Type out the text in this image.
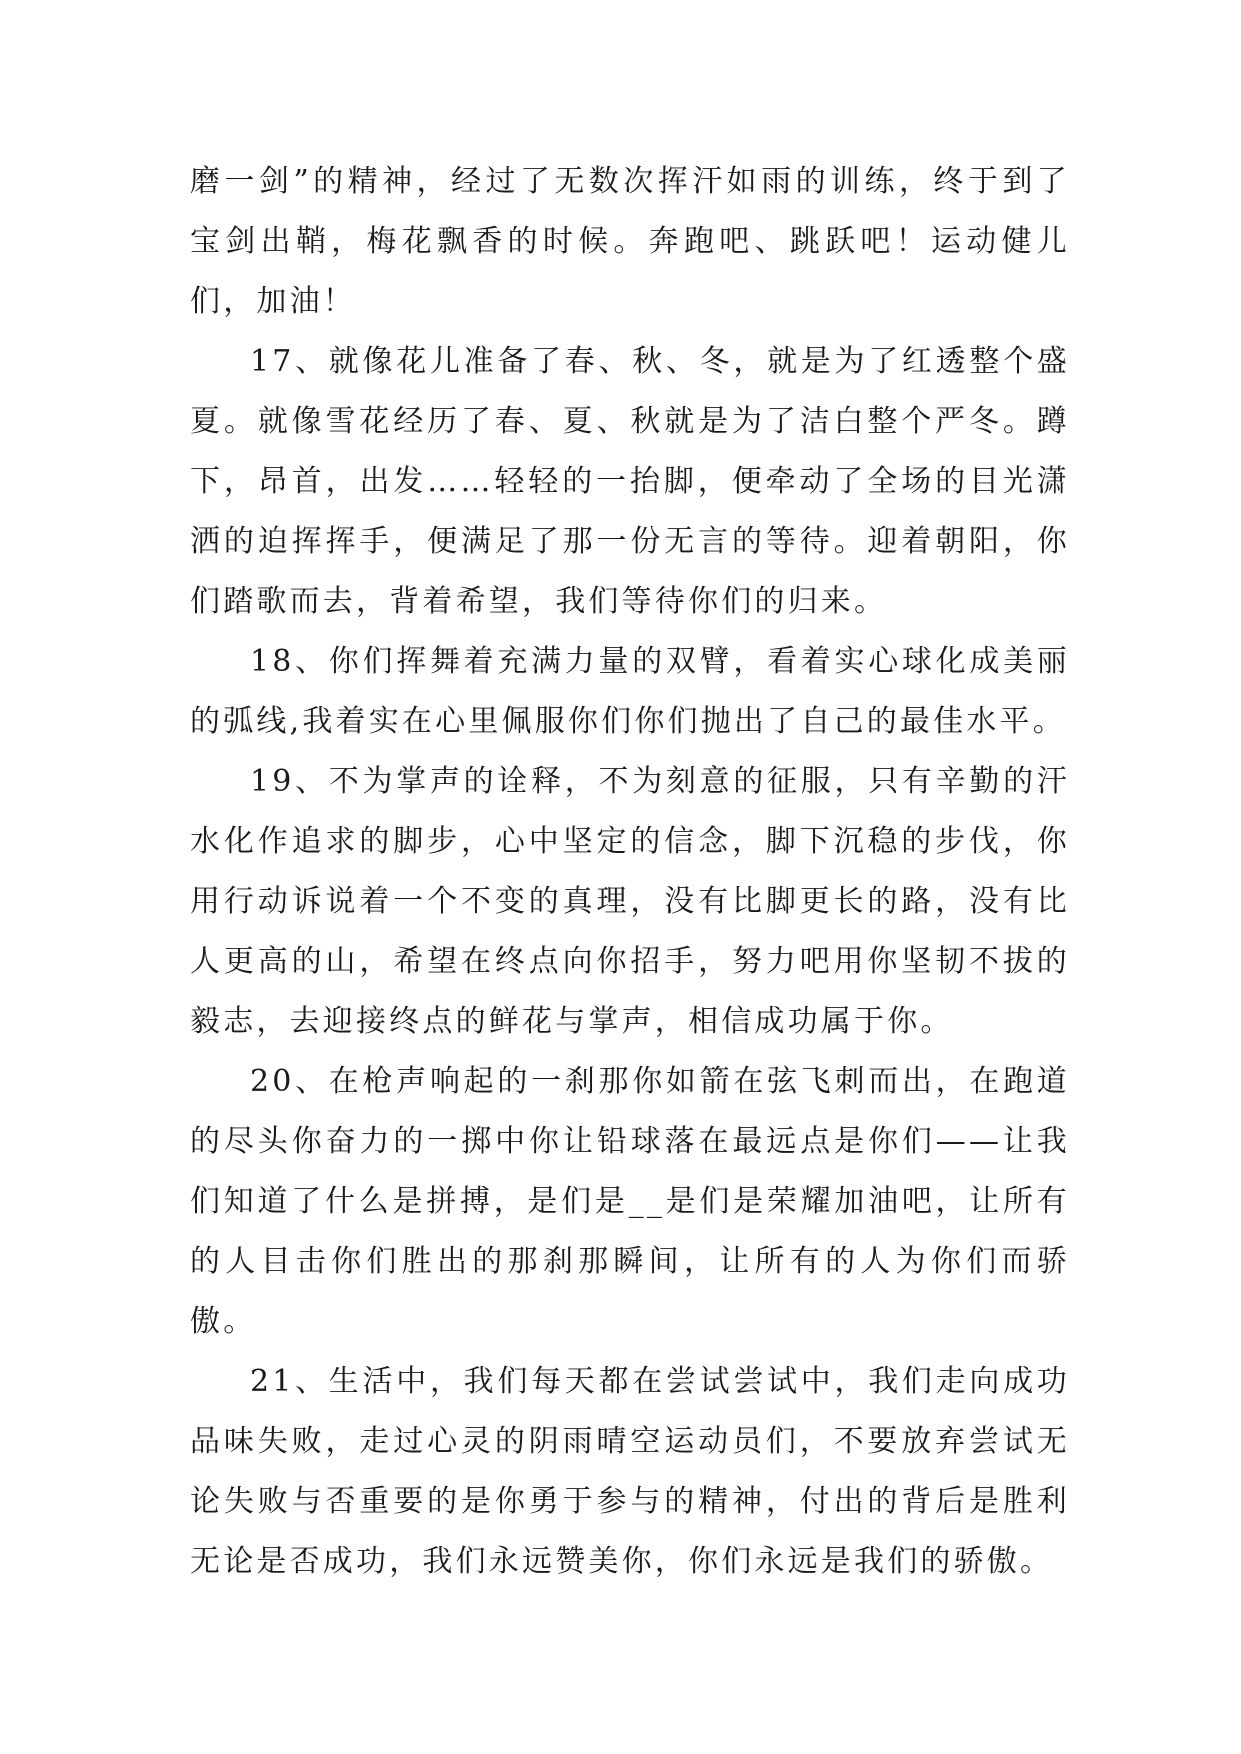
磨一剑”的精神，经过了无数次挥汗如雨的训练，终于到了宝剑出鞘，梅花飘香的时候。奔跑吧、跳跃吧！运动健儿们，加油！

17、就像花儿准备了春、秋、冬，就是为了红透整个盛夏。就像雪花经历了春、夏、秋就是为了洁白整个严冬。蹲下，昂首，出发……轻轻的一抬脚，便牵动了全场的目光潇洒的迫挥挥手，便满足了那一份无言的等待。迎着朝阳，你们踏歌而去，背着希望，我们等待你们的归来。

18、你们挥舞着充满力量的双臂，看着实心球化成美丽的弧线,我着实在心里佩服你们你们抛出了自己的最佳水平。

19、不为掌声的诠释，不为刻意的征服，只有辛勤的汗水化作追求的脚步，心中坚定的信念，脚下沉稳的步伐，你用行动诉说着一个不变的真理，没有比脚更长的路，没有比人更高的山，希望在终点向你招手，努力吧用你坚韧不拔的毅志，去迎接终点的鲜花与掌声，相信成功属于你。

20、在枪声响起的一刹那你如箭在弦飞刺而出，在跑道的尽头你奋力的一掷中你让铅球落在最远点是你们——让我们知道了什么是拼搏，是们是__是们是荣耀加油吧，让所有的人目击你们胜出的那刹那瞬间，让所有的人为你们而骄傲。

21、生活中，我们每天都在尝试尝试中，我们走向成功品味失败，走过心灵的阴雨晴空运动员们，不要放弃尝试无论失败与否重要的是你勇于参与的精神，付出的背后是胜利无论是否成功，我们永远赞美你，你们永远是我们的骄傲。
